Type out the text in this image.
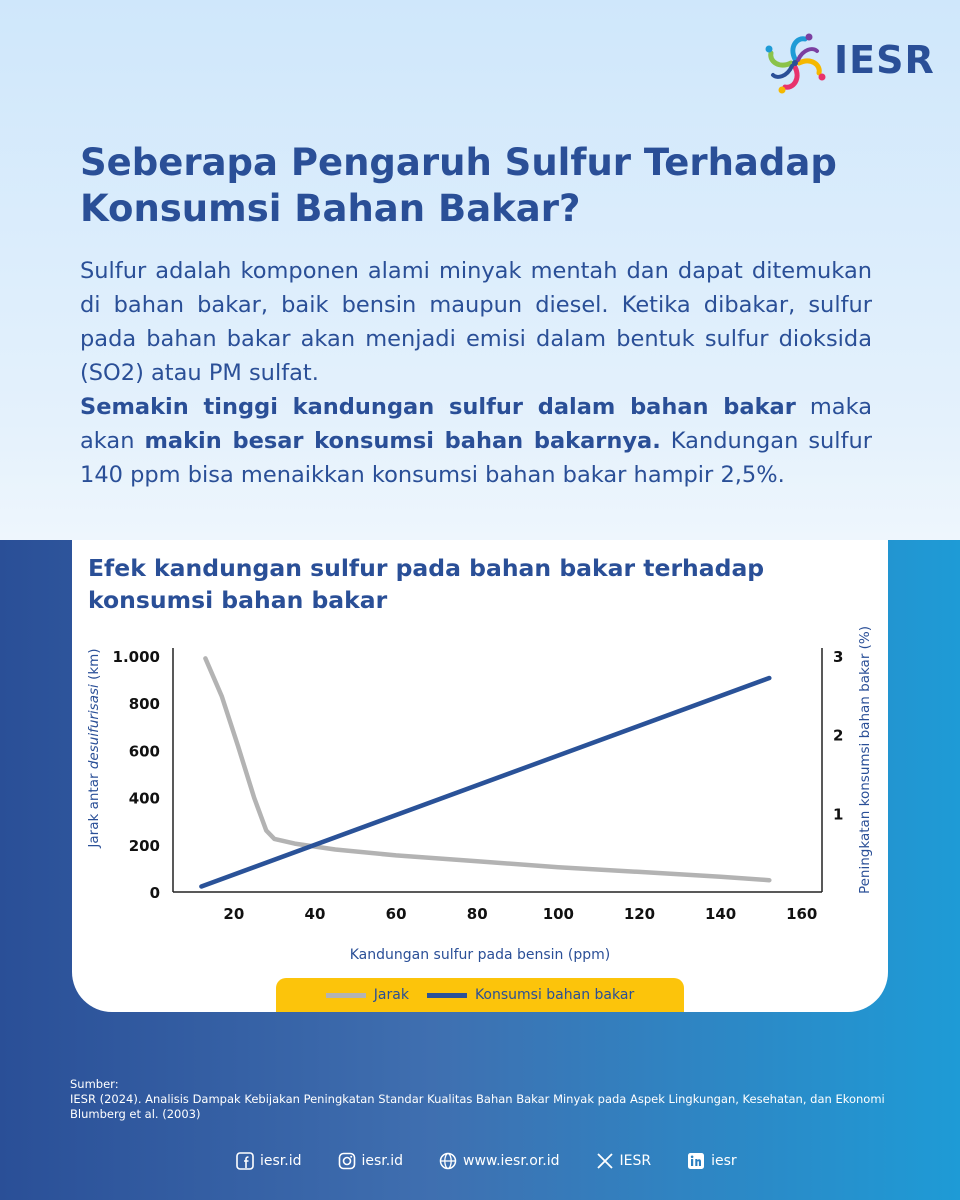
IESR
Seberapa Pengaruh Sulfur Terhadap Konsumsi Bahan Bakar?
Sulfur adalah komponen alami minyak mentah dan dapat ditemukan di bahan bakar, baik bensin maupun diesel. Ketika dibakar, sulfur pada bahan bakar akan menjadi emisi dalam bentuk sulfur dioksida (SO2) atau PM sulfat.
Semakin tinggi kandungan sulfur dalam bahan bakar maka akan makin besar konsumsi bahan bakarnya. Kandungan sulfur 140 ppm bisa menaikkan konsumsi bahan bakar hampir 2,5%.
Efek kandungan sulfur pada bahan bakar terhadap konsumsi bahan bakar
Kandungan sulfur pada bensin (ppm)
Jarak antar desuifurisasi (km)	Peningkatan konsumsi bahan bakar (%)
20	40	60	80	100	120	140	160
0
200
400
600
800
1.000
1
2
3
Jarak	Konsumsi bahan bakar
Sumber:
IESR (2024). Analisis Dampak Kebijakan Peningkatan Standar Kualitas Bahan Bakar Minyak pada Aspek Lingkungan, Kesehatan, dan Ekonomi
Blumberg et al. (2003)
iesr.id	iesr.id	www.iesr.or.id	IESR	iesr
